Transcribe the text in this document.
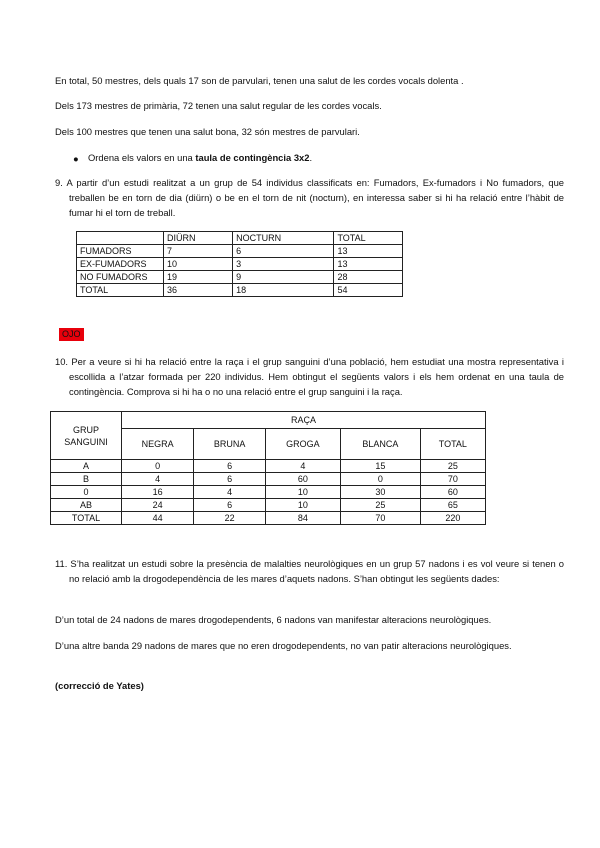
En total, 50 mestres, dels quals 17 son de parvulari, tenen una salut de les cordes vocals dolenta .

Dels 173 mestres de primària, 72 tenen una salut regular de les cordes vocals.

Dels 100 mestres que tenen una salut bona, 32 són mestres de parvulari.

● Ordena els valors en una taula de contingència 3x2.

9. A partir d’un estudi realitzat a un grup de 54 individus classificats en: Fumadors, Ex-fumadors i No fumadors, que treballen be en torn de dia (diürn) o be en el torn de nit (nocturn), en interessa saber si hi ha relació entre l’hàbit de fumar hi el torn de treball.

	DIÜRN	NOCTURN	TOTAL
FUMADORS	7	6	13
EX-FUMADORS	10	3	13
NO FUMADORS	19	9	28
TOTAL	36	18	54
OJO

10. Per a veure si hi ha relació entre la raça i el grup sanguini d’una població, hem estudiat una mostra representativa i escollida a l’atzar formada per 220 individus. Hem obtingut el següents valors i els hem ordenat en una taula de contingència. Comprova si hi ha o no una relació entre el grup sanguini i la raça.

GRUP SANGUINI	RAÇA				
	NEGRA	BRUNA	GROGA	BLANCA	TOTAL
A	0	6	4	15	25
B	4	6	60	0	70
0	16	4	10	30	60
AB	24	6	10	25	65
TOTAL	44	22	84	70	220

11. S’ha realitzat un estudi sobre la presència de malalties neurològiques en un grup 57 nadons i es vol veure si tenen o no relació amb la drogodependència de les mares d’aquets nadons. S’han obtingut les següents dades:

D’un total de 24 nadons de mares drogodependents, 6 nadons van manifestar alteracions neurològiques.

D’una altre banda 29 nadons de mares que no eren drogodependents, no van patir alteracions neurològiques.

(correcció de Yates)
